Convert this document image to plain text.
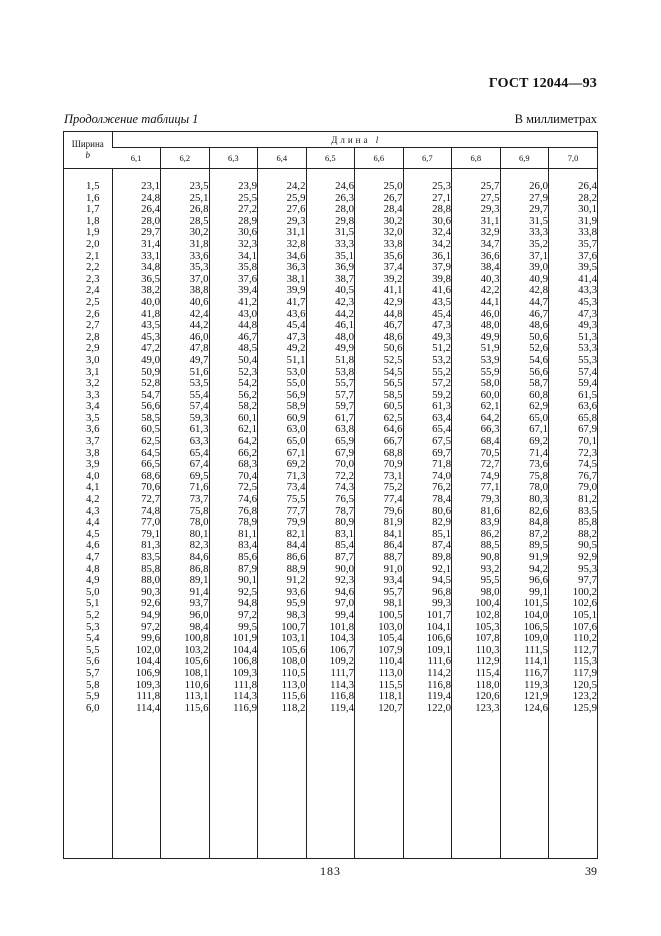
ГОСТ 12044—93
Продолжение таблицы 1	В миллиметрах
Ширина
b	Длина l									
	6,1	6,2	6,3	6,4	6,5	6,6	6,7	6,8	6,9	7,0

1,5	23,1	23,5	23,9	24,2	24,6	25,0	25,3	25,7	26,0	26,4
1,6	24,8	25,1	25,5	25,9	26,3	26,7	27,1	27,5	27,9	28,2
1,7	26,4	26,8	27,2	27,6	28,0	28,4	28,8	29,3	29,7	30,1
1,8	28,0	28,5	28,9	29,3	29,8	30,2	30,6	31,1	31,5	31,9
1,9	29,7	30,2	30,6	31,1	31,5	32,0	32,4	32,9	33,3	33,8
2,0	31,4	31,8	32,3	32,8	33,3	33,8	34,2	34,7	35,2	35,7
2,1	33,1	33,6	34,1	34,6	35,1	35,6	36,1	36,6	37,1	37,6
2,2	34,8	35,3	35,8	36,3	36,9	37,4	37,9	38,4	39,0	39,5
2,3	36,5	37,0	37,6	38,1	38,7	39,2	39,8	40,3	40,9	41,4
2,4	38,2	38,8	39,4	39,9	40,5	41,1	41,6	42,2	42,8	43,3
2,5	40,0	40,6	41,2	41,7	42,3	42,9	43,5	44,1	44,7	45,3
2,6	41,8	42,4	43,0	43,6	44,2	44,8	45,4	46,0	46,7	47,3
2,7	43,5	44,2	44,8	45,4	46,1	46,7	47,3	48,0	48,6	49,3
2,8	45,3	46,0	46,7	47,3	48,0	48,6	49,3	49,9	50,6	51,3
2,9	47,2	47,8	48,5	49,2	49,9	50,6	51,2	51,9	52,6	53,3
3,0	49,0	49,7	50,4	51,1	51,8	52,5	53,2	53,9	54,6	55,3
3,1	50,9	51,6	52,3	53,0	53,8	54,5	55,2	55,9	56,6	57,4
3,2	52,8	53,5	54,2	55,0	55,7	56,5	57,2	58,0	58,7	59,4
3,3	54,7	55,4	56,2	56,9	57,7	58,5	59,2	60,0	60,8	61,5
3,4	56,6	57,4	58,2	58,9	59,7	60,5	61,3	62,1	62,9	63,6
3,5	58,5	59,3	60,1	60,9	61,7	62,5	63,4	64,2	65,0	65,8
3,6	60,5	61,3	62,1	63,0	63,8	64,6	65,4	66,3	67,1	67,9
3,7	62,5	63,3	64,2	65,0	65,9	66,7	67,5	68,4	69,2	70,1
3,8	64,5	65,4	66,2	67,1	67,9	68,8	69,7	70,5	71,4	72,3
3,9	66,5	67,4	68,3	69,2	70,0	70,9	71,8	72,7	73,6	74,5
4,0	68,6	69,5	70,4	71,3	72,2	73,1	74,0	74,9	75,8	76,7
4,1	70,6	71,6	72,5	73,4	74,3	75,2	76,2	77,1	78,0	79,0
4,2	72,7	73,7	74,6	75,5	76,5	77,4	78,4	79,3	80,3	81,2
4,3	74,8	75,8	76,8	77,7	78,7	79,6	80,6	81,6	82,6	83,5
4,4	77,0	78,0	78,9	79,9	80,9	81,9	82,9	83,9	84,8	85,8
4,5	79,1	80,1	81,1	82,1	83,1	84,1	85,1	86,2	87,2	88,2
4,6	81,3	82,3	83,4	84,4	85,4	86,4	87,4	88,5	89,5	90,5
4,7	83,5	84,6	85,6	86,6	87,7	88,7	89,8	90,8	91,9	92,9
4,8	85,8	86,8	87,9	88,9	90,0	91,0	92,1	93,2	94,2	95,3
4,9	88,0	89,1	90,1	91,2	92,3	93,4	94,5	95,5	96,6	97,7
5,0	90,3	91,4	92,5	93,6	94,6	95,7	96,8	98,0	99,1	100,2
5,1	92,6	93,7	94,8	95,9	97,0	98,1	99,3	100,4	101,5	102,6
5,2	94,9	96,0	97,2	98,3	99,4	100,5	101,7	102,8	104,0	105,1
5,3	97,2	98,4	99,5	100,7	101,8	103,0	104,1	105,3	106,5	107,6
5,4	99,6	100,8	101,9	103,1	104,3	105,4	106,6	107,8	109,0	110,2
5,5	102,0	103,2	104,4	105,6	106,7	107,9	109,1	110,3	111,5	112,7
5,6	104,4	105,6	106,8	108,0	109,2	110,4	111,6	112,9	114,1	115,3
5,7	106,9	108,1	109,3	110,5	111,7	113,0	114,2	115,4	116,7	117,9
5,8	109,3	110,6	111,8	113,0	114,3	115,5	116,8	118,0	119,3	120,5
5,9	111,8	113,1	114,3	115,6	116,8	118,1	119,4	120,6	121,9	123,2
6,0	114,4	115,6	116,9	118,2	119,4	120,7	122,0	123,3	124,6	125,9

183	39
